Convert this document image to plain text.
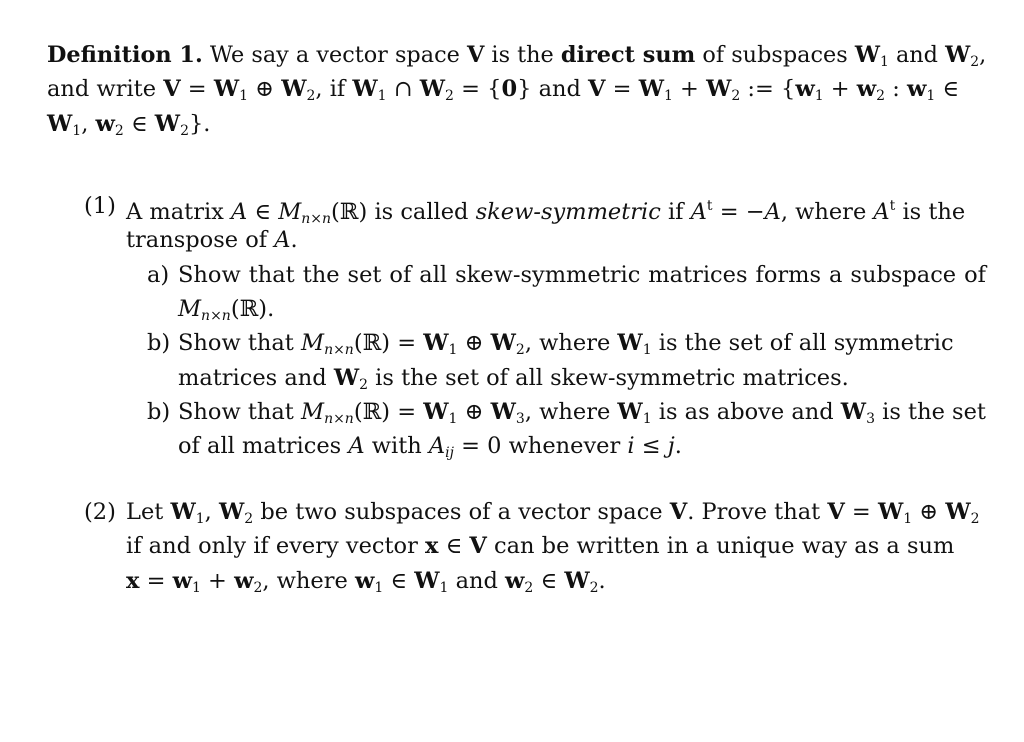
Definition 1. We say a vector space V is the direct sum of subspaces $W_1$ and $W_2$,
and write $V = W_1$ ⊕ $W_2$, if $W_1$ ∩ $W_2 = \{0\}$ and $V = W_1 + W_2$ := {$w_1 + w_2$ : $w_1$ ∈
$W_1$, $w_2$ ∈ $W_2$}.
(1) A matrix A ∈ $M_{n\times n}(ℝ)$ is called skew-symmetric if $A^t = -A$, where $A^t$ is the
transpose of A.
a) Show that the set of all skew-symmetric matrices forms a subspace of
$M_{n\times n}(ℝ)$.
b) Show that $M_{n\times n}(ℝ) = W_1$ ⊕ $W_2$, where $W_1$ is the set of all symmetric
matrices and $W_2$ is the set of all skew-symmetric matrices.
b) Show that $M_{n\times n}(ℝ) = W_1$ ⊕ $W_3$, where $W_1$ is as above and $W_3$ is the set
of all matrices A with $A_{ij} = 0$ whenever i ≤ j.
(2) Let $W_1$, $W_2$ be two subspaces of a vector space V. Prove that $V = W_1$ ⊕ $W_2$
if and only if every vector x ∈ V can be written in a unique way as a sum
$x = w_1 + w_2$, where $w_1$ ∈ $W_1$ and $w_2$ ∈ $W_2$.
